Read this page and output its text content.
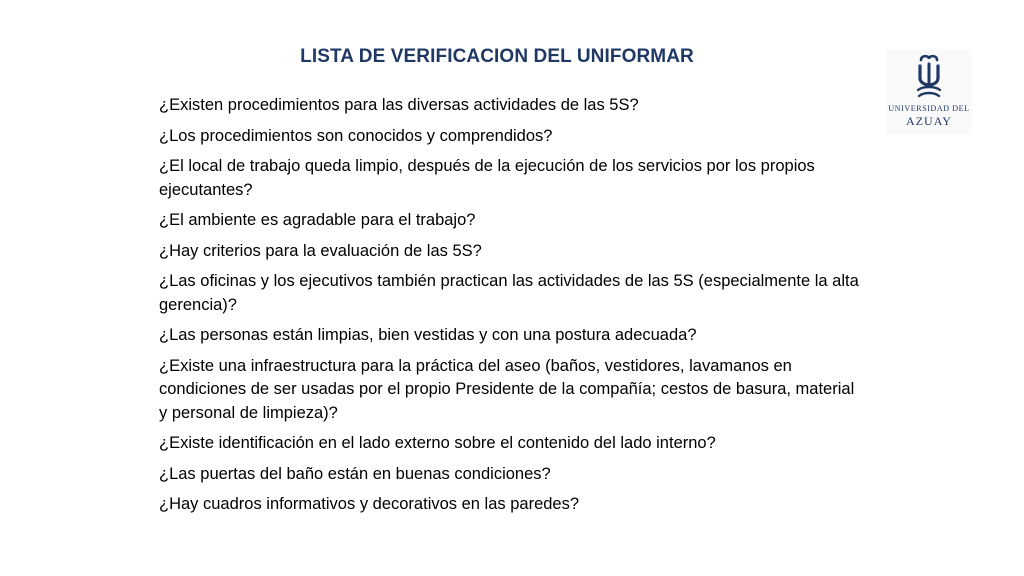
LISTA DE VERIFICACION DEL UNIFORMAR
¿Existen procedimientos para las diversas actividades de las 5S?
¿Los procedimientos son conocidos y comprendidos?
¿El local de trabajo queda limpio, después de la ejecución de los servicios por los propios ejecutantes?
¿El ambiente es agradable para el trabajo?
¿Hay criterios para la evaluación de las 5S?
¿Las oficinas y los ejecutivos también practican las actividades de las 5S (especialmente la alta gerencia)?
¿Las personas están limpias, bien vestidas y con una postura adecuada?
¿Existe una infraestructura para la práctica del aseo (baños, vestidores, lavamanos en condiciones de ser usadas por el propio Presidente de la compañía; cestos de basura, material y personal de limpieza)?
¿Existe identificación en el lado externo sobre el contenido del lado interno?
¿Las puertas del baño están en buenas condiciones?
¿Hay cuadros informativos y decorativos en las paredes?
UNIVERSIDAD DEL
AZUAY
